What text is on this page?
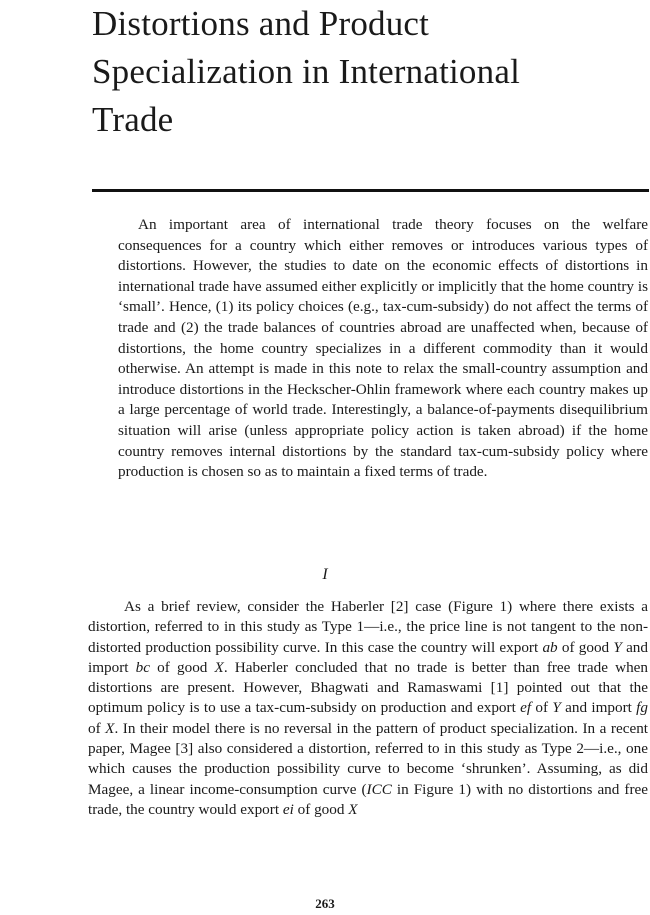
Distortions and Product
Specialization in International
Trade

An important area of international trade theory focuses on the welfare consequences for a country which either removes or introduces various types of distortions. However, the studies to date on the economic effects of distortions in international trade have assumed either explicitly or implicitly that the home country is ‘small’. Hence, (1) its policy choices (e.g., tax-cum-subsidy) do not affect the terms of trade and (2) the trade balances of countries abroad are unaffected when, because of distortions, the home country specializes in a different commodity than it would otherwise. An attempt is made in this note to relax the small-country assumption and introduce distortions in the Heckscher-Ohlin framework where each country makes up a large percentage of world trade. Interestingly, a balance-of-payments disequilibrium situation will arise (unless appropriate policy action is taken abroad) if the home country removes internal distortions by the standard tax-cum-subsidy policy where production is chosen so as to maintain a fixed terms of trade.

I

As a brief review, consider the Haberler [2] case (Figure 1) where there exists a distortion, referred to in this study as Type 1—i.e., the price line is not tangent to the non-distorted production possibility curve. In this case the country will export ab of good Y and import bc of good X. Haberler concluded that no trade is better than free trade when distortions are present. However, Bhagwati and Ramaswami [1] pointed out that the optimum policy is to use a tax-cum-subsidy on production and export ef of Y and import fg of X. In their model there is no reversal in the pattern of product specialization. In a recent paper, Magee [3] also considered a distortion, referred to in this study as Type 2—i.e., one which causes the production possibility curve to become ‘shrunken’. Assuming, as did Magee, a linear income-consumption curve (ICC in Figure 1) with no distortions and free trade, the country would export ei of good X

263
